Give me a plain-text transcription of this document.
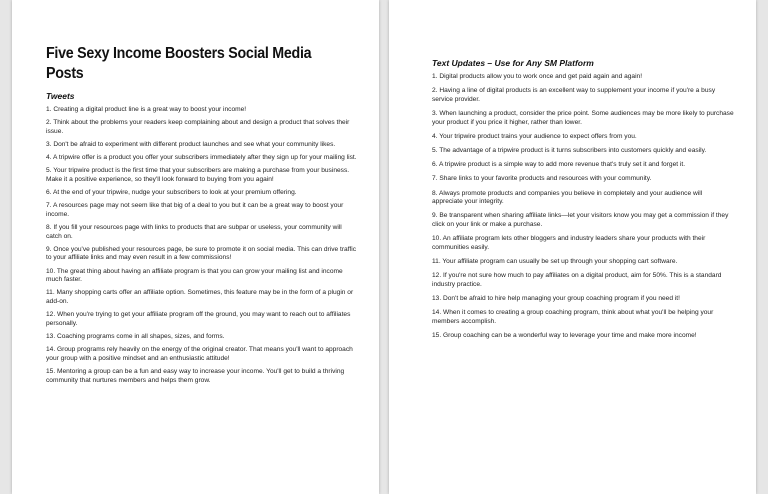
Five Sexy Income Boosters Social Media Posts
Tweets
1. Creating a digital product line is a great way to boost your income!
2. Think about the problems your readers keep complaining about and design a product that solves their issue.
3. Don't be afraid to experiment with different product launches and see what your community likes.
4. A tripwire offer is a product you offer your subscribers immediately after they sign up for your mailing list.
5. Your tripwire product is the first time that your subscribers are making a purchase from your business. Make it a positive experience, so they'll look forward to buying from you again!
6. At the end of your tripwire, nudge your subscribers to look at your premium offering.
7. A resources page may not seem like that big of a deal to you but it can be a great way to boost your income.
8. If you fill your resources page with links to products that are subpar or useless, your community will catch on.
9. Once you've published your resources page, be sure to promote it on social media. This can drive traffic to your affiliate links and may even result in a few commissions!
10. The great thing about having an affiliate program is that you can grow your mailing list and income much faster.
11. Many shopping carts offer an affiliate option. Sometimes, this feature may be in the form of a plugin or add-on.
12. When you're trying to get your affiliate program off the ground, you may want to reach out to affiliates personally.
13. Coaching programs come in all shapes, sizes, and forms.
14. Group programs rely heavily on the energy of the original creator. That means you'll want to approach your group with a positive mindset and an enthusiastic attitude!
15. Mentoring a group can be a fun and easy way to increase your income. You'll get to build a thriving community that nurtures members and helps them grow.
Text Updates – Use for Any SM Platform
1. Digital products allow you to work once and get paid again and again!
2. Having a line of digital products is an excellent way to supplement your income if you're a busy service provider.
3. When launching a product, consider the price point. Some audiences may be more likely to purchase your product if you price it higher, rather than lower.
4. Your tripwire product trains your audience to expect offers from you.
5. The advantage of a tripwire product is it turns subscribers into customers quickly and easily.
6. A tripwire product is a simple way to add more revenue that's truly set it and forget it.
7. Share links to your favorite products and resources with your community.
8. Always promote products and companies you believe in completely and your audience will appreciate your integrity.
9. Be transparent when sharing affiliate links—let your visitors know you may get a commission if they click on your link or make a purchase.
10. An affiliate program lets other bloggers and industry leaders share your products with their communities easily.
11. Your affiliate program can usually be set up through your shopping cart software.
12. If you're not sure how much to pay affiliates on a digital product, aim for 50%. This is a standard industry practice.
13. Don't be afraid to hire help managing your group coaching program if you need it!
14. When it comes to creating a group coaching program, think about what you'll be helping your members accomplish.
15. Group coaching can be a wonderful way to leverage your time and make more income!
